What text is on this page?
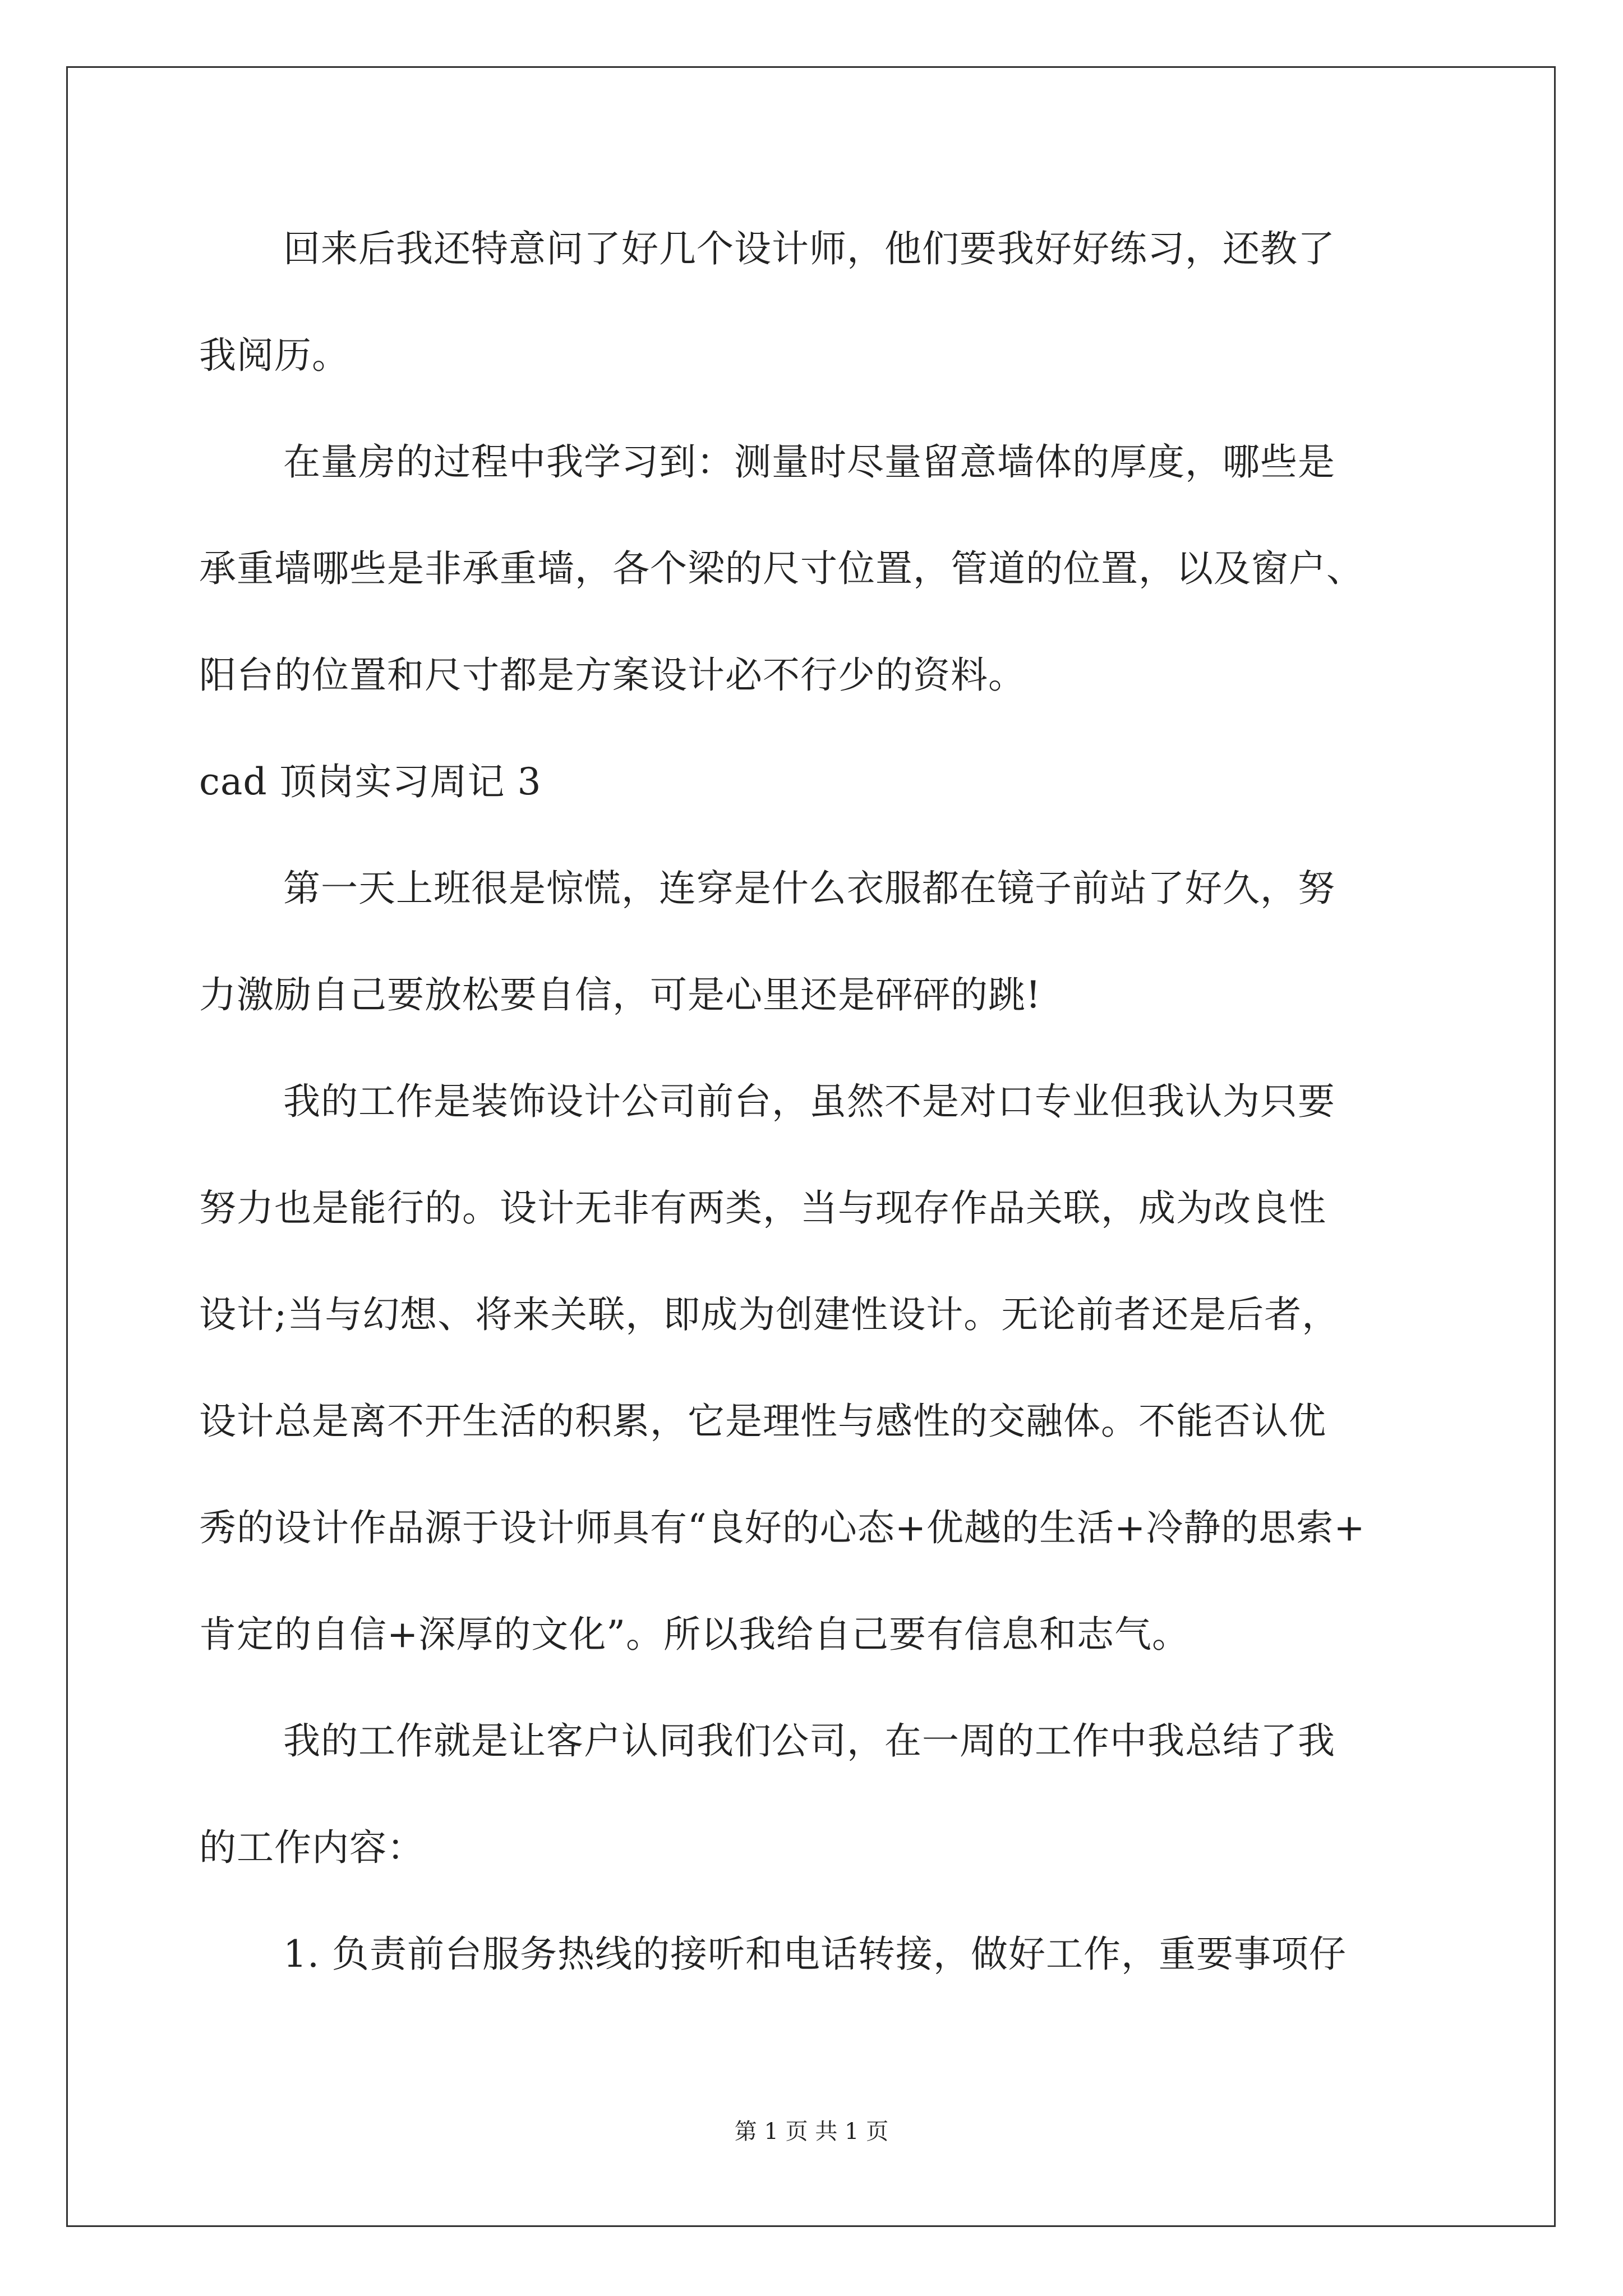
回来后我还特意问了好几个设计师，他们要我好好练习，还教了
我阅历。
在量房的过程中我学习到：测量时尽量留意墙体的厚度，哪些是
承重墙哪些是非承重墙，各个梁的尺寸位置，管道的位置，以及窗户、
阳台的位置和尺寸都是方案设计必不行少的资料。
cad 顶岗实习周记 3
第一天上班很是惊慌，连穿是什么衣服都在镜子前站了好久，努
力激励自己要放松要自信，可是心里还是砰砰的跳!
我的工作是装饰设计公司前台，虽然不是对口专业但我认为只要
努力也是能行的。设计无非有两类，当与现存作品关联，成为改良性
设计;当与幻想、将来关联，即成为创建性设计。无论前者还是后者，
设计总是离不开生活的积累，它是理性与感性的交融体。不能否认优
秀的设计作品源于设计师具有“良好的心态+优越的生活+冷静的思索+
肯定的自信+深厚的文化”。所以我给自己要有信息和志气。
我的工作就是让客户认同我们公司，在一周的工作中我总结了我
的工作内容：
1. 负责前台服务热线的接听和电话转接，做好工作，重要事项仔
第 1 页 共 1 页
